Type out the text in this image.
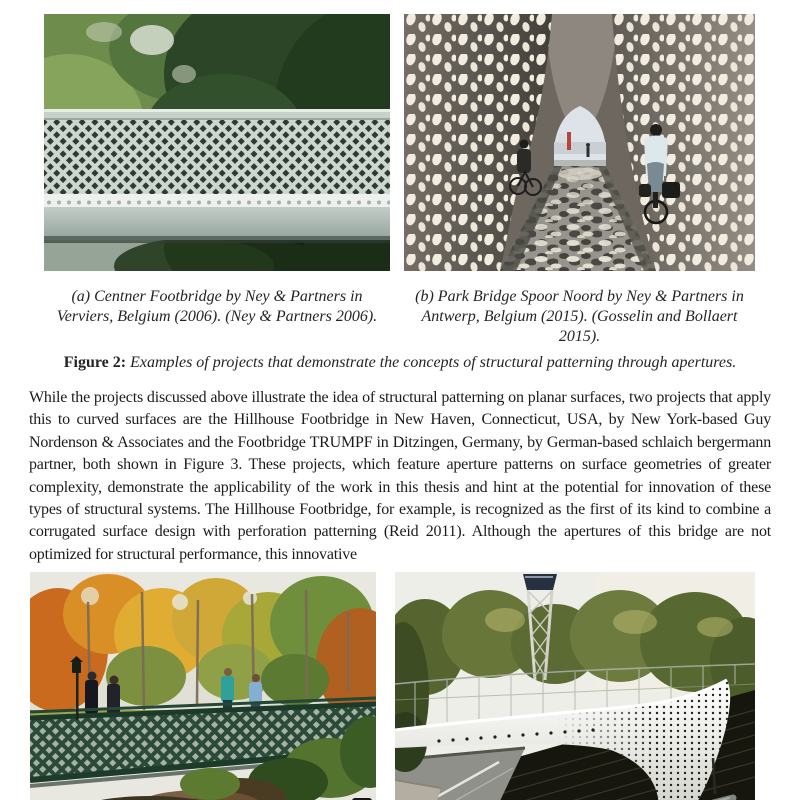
(a) Centner Footbridge by Ney & Partners in
Verviers, Belgium (2006). (Ney & Partners 2006).
(b) Park Bridge Spoor Noord by Ney & Partners in
Antwerp, Belgium (2015). (Gosselin and Bollaert 2015).
Figure 2: Examples of projects that demonstrate the concepts of structural patterning through apertures.

While the projects discussed above illustrate the idea of structural patterning on planar surfaces, two projects that apply this to curved surfaces are the Hillhouse Footbridge in New Haven, Connecticut, USA, by New York-based Guy Nordenson & Associates and the Footbridge TRUMPF in Ditzingen, Germany, by German-based schlaich bergermann partner, both shown in Figure 3. These projects, which feature aperture patterns on surface geometries of greater complexity, demonstrate the applicability of the work in this thesis and hint at the potential for innovation of these types of structural systems. The Hillhouse Footbridge, for example, is recognized as the first of its kind to combine a corrugated surface design with perforation patterning (Reid 2011). Although the apertures of this bridge are not optimized for structural performance, this innovative
